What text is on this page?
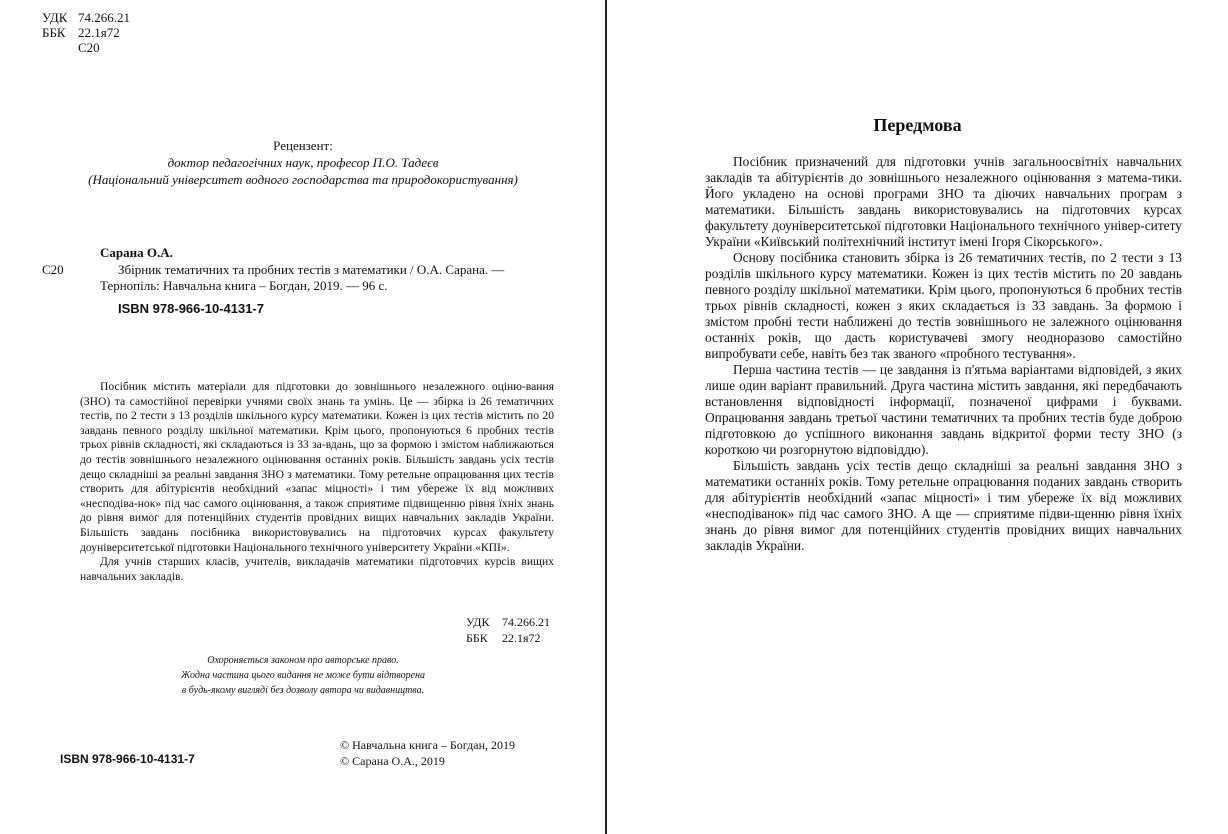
УДК 74.266.21
ББК 22.1я72
С20
Рецензент:
доктор педагогічних наук, професор П.О. Тадеєв
(Національний університет водного господарства та природокористування)
Сарана О.А.
С20	Збірник тематичних та пробних тестів з математики / О.А. Сарана. —
Тернопіль: Навчальна книга – Богдан, 2019. — 96 с.
ISBN 978-966-10-4131-7

Посібник містить матеріали для підготовки до зовнішнього незалежного оціню-вання (ЗНО) та самостійної перевірки учнями своїх знань та умінь. Це — збірка із 26 тематичних тестів, по 2 тести з 13 розділів шкільного курсу математики. Кожен із цих тестів містить по 20 завдань певного розділу шкільної математики. Крім цього, пропонуються 6 пробних тестів трьох рівнів складності, які складаються із 33 за-вдань, що за формою і змістом наближаються до тестів зовнішнього незалежного оцінювання останніх років. Більшість завдань усіх тестів дещо складніші за реальні завдання ЗНО з математики. Тому ретельне опрацювання цих тестів створить для абітурієнтів необхідний «запас міцності» і тим убереже їх від можливих «несподіва-нок» під час самого оцінювання, а також сприятиме підвищенню рівня їхніх знань до рівня вимог для потенційних студентів провідних вищих навчальних закладів України. Більшість завдань посібника використовувались на підготовчих курсах факультету доуніверситетської підготовки Національного технічного університету України «КПІ».

Для учнів старших класів, учителів, викладачів математики підготовчих курсів вищих навчальних закладів.

УДК 74.266.21
ББК 22.1я72
Охороняється законом про авторське право.
Жодна частина цього видання не може бути відтворена
в будь-якому вигляді без дозволу автора чи видавництва.
ISBN 978-966-10-4131-7
© Навчальна книга – Богдан, 2019
© Сарана О.А., 2019
Передмова

Посібник призначений для підготовки учнів загальноосвітніх навчальних закладів та абітурієнтів до зовнішнього незалежного оцінювання з матема-тики. Його укладено на основі програми ЗНО та діючих навчальних програм з математики. Більшість завдань використовувались на підготовчих курсах факультету доуніверситетської підготовки Національного технічного універ-ситету України «Київський політехнічний інститут імені Ігоря Сікорського».

Основу посібника становить збірка із 26 тематичних тестів, по 2 тести з 13 розділів шкільного курсу математики. Кожен із цих тестів містить по 20 завдань певного розділу шкільної математики. Крім цього, пропонуються 6 пробних тестів трьох рівнів складності, кожен з яких складається із 33 завдань. За формою і змістом пробні тести наближені до тестів зовнішнього не залежного оцінювання останніх років, що дасть користувачеві змогу неодноразово самостійно випробувати себе, навіть без так званого «пробного тестування».

Перша частина тестів — це завдання із п'ятьма варіантами відповідей, з яких лише один варіант правильний. Друга частина містить завдання, які передбачають встановлення відповідності інформації, позначеної цифрами і буквами. Опрацювання завдань третьої частини тематичних та пробних тестів буде доброю підготовкою до успішного виконання завдань відкритої форми тесту ЗНО (з короткою чи розгорнутою відповіддю).

Більшість завдань усіх тестів дещо складніші за реальні завдання ЗНО з математики останніх років. Тому ретельне опрацювання поданих завдань створить для абітурієнтів необхідний «запас міцності» і тим убереже їх від можливих «несподіванок» під час самого ЗНО. А ще — сприятиме підви-щенню рівня їхніх знань до рівня вимог для потенційних студентів провідних вищих навчальних закладів України.
